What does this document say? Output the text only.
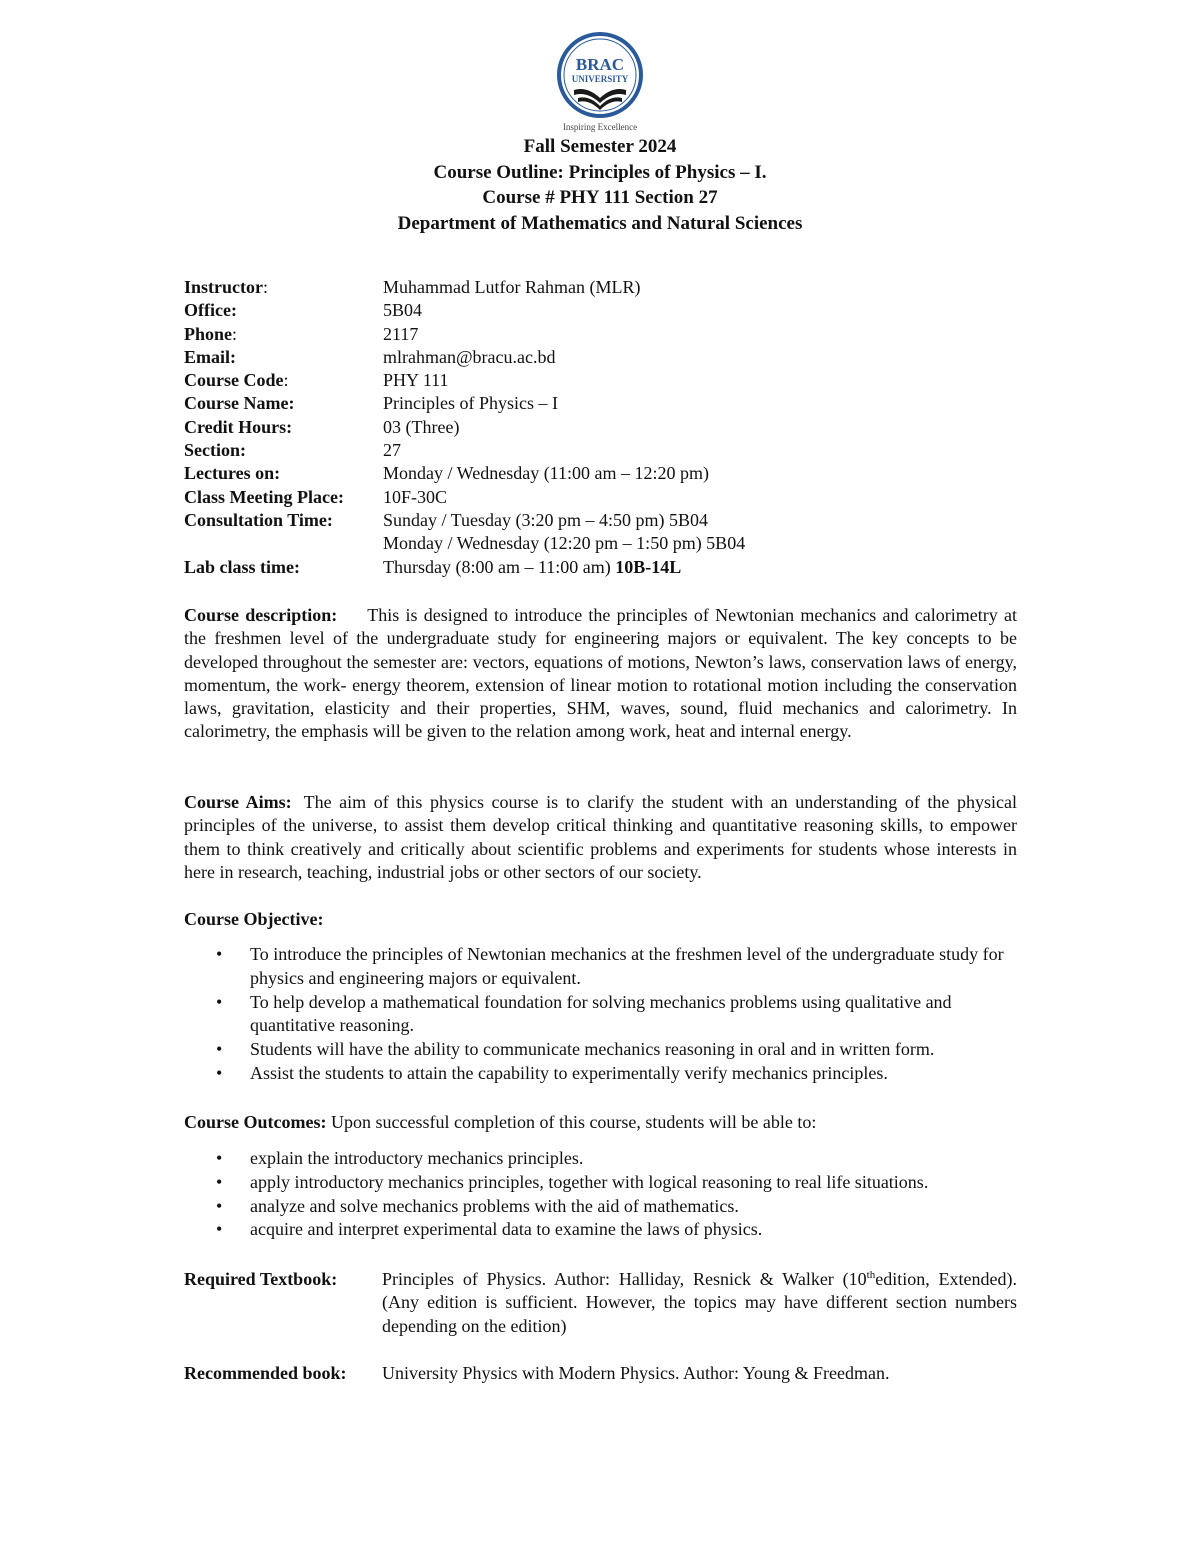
BRAC
UNIVERSITY
Inspiring Excellence
Fall Semester 2024
Course Outline: Principles of Physics – I.
Course # PHY 111 Section 27
Department of Mathematics and Natural Sciences
Instructor:	Muhammad Lutfor Rahman (MLR)
Office:	5B04
Phone:	2117
Email:	mlrahman@bracu.ac.bd
Course Code:	PHY 111
Course Name:	Principles of Physics – I
Credit Hours:	03 (Three)
Section:	27
Lectures on:	Monday / Wednesday (11:00 am – 12:20 pm)
Class Meeting Place:	10F-30C
Consultation Time:	Sunday / Tuesday (3:20 pm – 4:50 pm) 5B04
Monday / Wednesday (12:20 pm – 1:50 pm) 5B04
Lab class time:	Thursday (8:00 am – 11:00 am) 10B-14L
Course description: This is designed to introduce the principles of Newtonian mechanics and calorimetry at the freshmen level of the undergraduate study for engineering majors or equivalent. The key concepts to be developed throughout the semester are: vectors, equations of motions, Newton’s laws, conservation laws of energy, momentum, the work- energy theorem, extension of linear motion to rotational motion including the conservation laws, gravitation, elasticity and their properties, SHM, waves, sound, fluid mechanics and calorimetry. In calorimetry, the emphasis will be given to the relation among work, heat and internal energy.
Course Aims: The aim of this physics course is to clarify the student with an understanding of the physical principles of the universe, to assist them develop critical thinking and quantitative reasoning skills, to empower them to think creatively and critically about scientific problems and experiments for students whose interests in here in research, teaching, industrial jobs or other sectors of our society.
Course Objective:
• To introduce the principles of Newtonian mechanics at the freshmen level of the undergraduate study for physics and engineering majors or equivalent.
• To help develop a mathematical foundation for solving mechanics problems using qualitative and quantitative reasoning.
• Students will have the ability to communicate mechanics reasoning in oral and in written form.
• Assist the students to attain the capability to experimentally verify mechanics principles.
Course Outcomes: Upon successful completion of this course, students will be able to:
• explain the introductory mechanics principles.
• apply introductory mechanics principles, together with logical reasoning to real life situations.
• analyze and solve mechanics problems with the aid of mathematics.
• acquire and interpret experimental data to examine the laws of physics.
Required Textbook:	Principles of Physics. Author: Halliday, Resnick & Walker (10thedition, Extended). (Any edition is sufficient. However, the topics may have different section numbers depending on the edition)
Recommended book:	University Physics with Modern Physics. Author: Young & Freedman.
